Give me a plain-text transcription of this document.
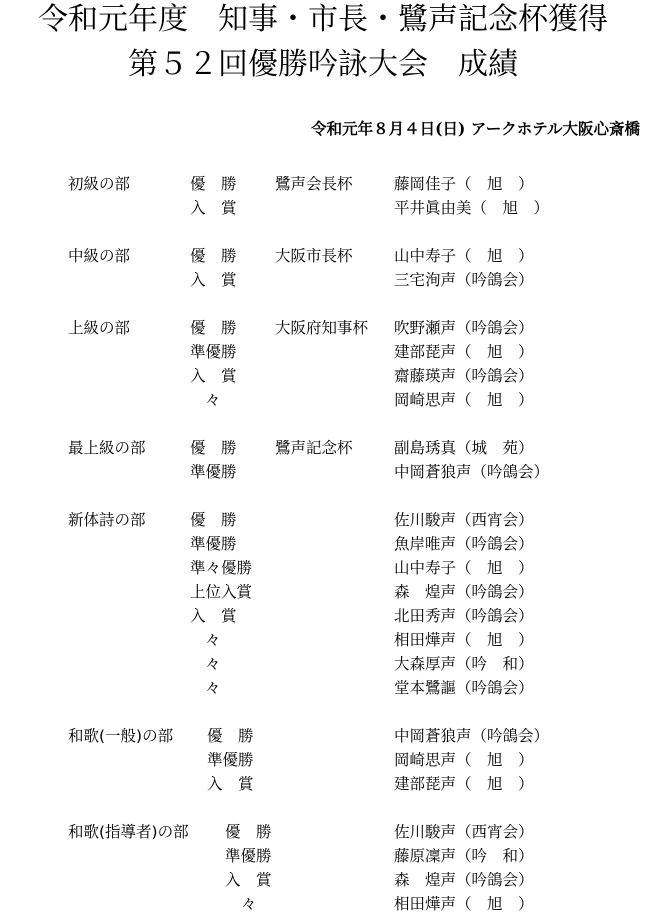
令和元年度　知事・市長・鷺声記念杯獲得
第５２回優勝吟詠大会　成績
令和元年８月４日(日) アークホテル大阪心斎橋
初級の部	優　勝 鷺声会長杯	藤岡佳子（　旭　）
入　賞	平井眞由美（　旭　）
中級の部	優　勝 大阪市長杯	山中寿子（　旭　）
入　賞	三宅洵声（吟鴿会）
上級の部	優　勝 大阪府知事杯 吹野瀬声（吟鴿会）
準優勝	建部琵声（　旭　）
入　賞	齋藤瑛声（吟鴿会）
々	岡崎思声（　旭　）
最上級の部	優　勝 鷺声記念杯	副島琇真（城　苑）
準優勝	中岡蒼狼声（吟鴿会）
新体詩の部	優　勝	佐川駿声（西宵会）
準優勝	魚岸唯声（吟鴿会）
準々優勝	山中寿子（　旭　）
上位入賞	森　煌声（吟鴿会）
入　賞	北田秀声（吟鴿会）
々	相田燁声（　旭　）
々	大森厚声（吟　和）
々	堂本鷺謳（吟鴿会）
和歌(一般)の部 優　勝	中岡蒼狼声（吟鴿会）
準優勝	岡崎思声（　旭　）
入　賞	建部琵声（　旭　）
和歌(指導者)の部 優　勝	佐川駿声（西宵会）
準優勝	藤原凜声（吟　和）
入　賞	森　煌声（吟鴿会）
々	相田燁声（　旭　）
